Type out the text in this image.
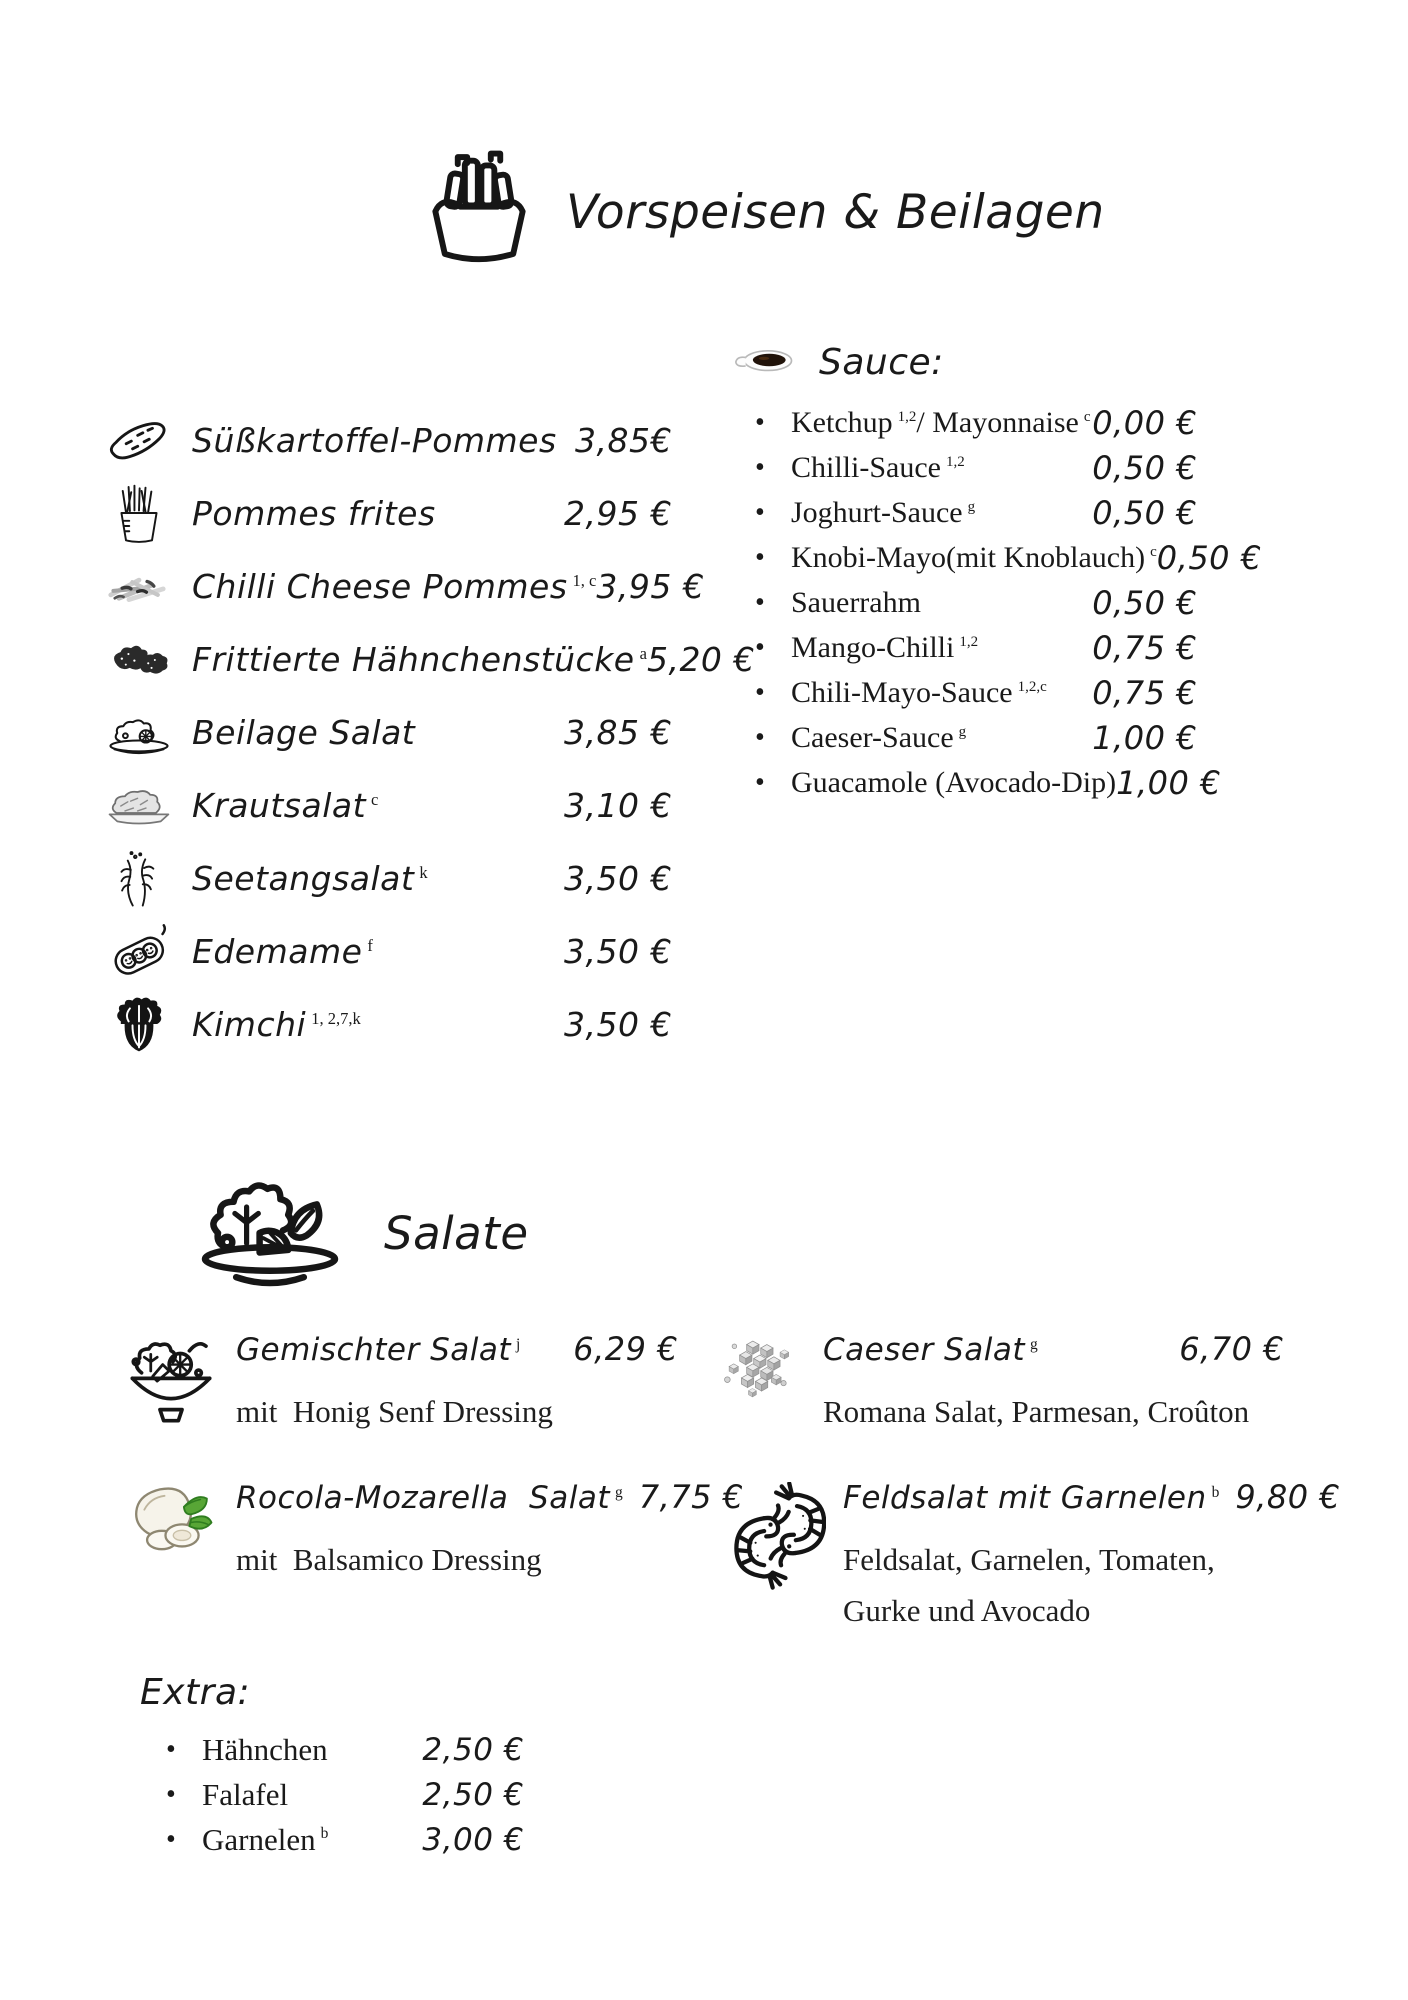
Vorspeisen & Beilagen
Süßkartoffel-Pommes 3,85€
Pommes frites	2,95 €
Chilli Cheese Pommes $^{1, c}$ 3,95 €
Frittierte Hähnchenstücke $^a$ 5,20 €
Beilage Salat	3,85 €
Krautsalat $^c$	3,10 €
Seetangsalat $^k$	3,50 €
Edemame $^f$	3,50 €
Kimchi $^{1, 2,7,k}$	3,50 €
Sauce:
• Ketchup $^{1,2}$/ Mayonnaise $^c$ 0,00 €
• Chilli-Sauce $^{1,2}$	0,50 €
• Joghurt-Sauce $^g$	0,50 €
• Knobi-Mayo(mit Knoblauch) $^c$ 0,50 €
• Sauerrahm	0,50 €
• Mango-Chilli $^{1,2}$	0,75 €
• Chili-Mayo-Sauce $^{1,2,c}$ 0,75 €
• Caeser-Sauce $^g$	1,00 €
• Guacamole (Avocado-Dip) 1,00 €
Salate
Gemischter Salat $^j$	6,29 €
mit  Honig Senf Dressing
Caeser Salat $^g$	6,70 €
Romana Salat, Parmesan, Croûton
Rocola-Mozarella  Salat $^g$ 7,75 €
mit  Balsamico Dressing
Feldsalat mit Garnelen $^b$ 9,80 €
Feldsalat, Garnelen, Tomaten, Gurke und Avocado
Extra:
• Hähnchen	2,50 €
• Falafel	2,50 €
• Garnelen $^b$	3,00 €
